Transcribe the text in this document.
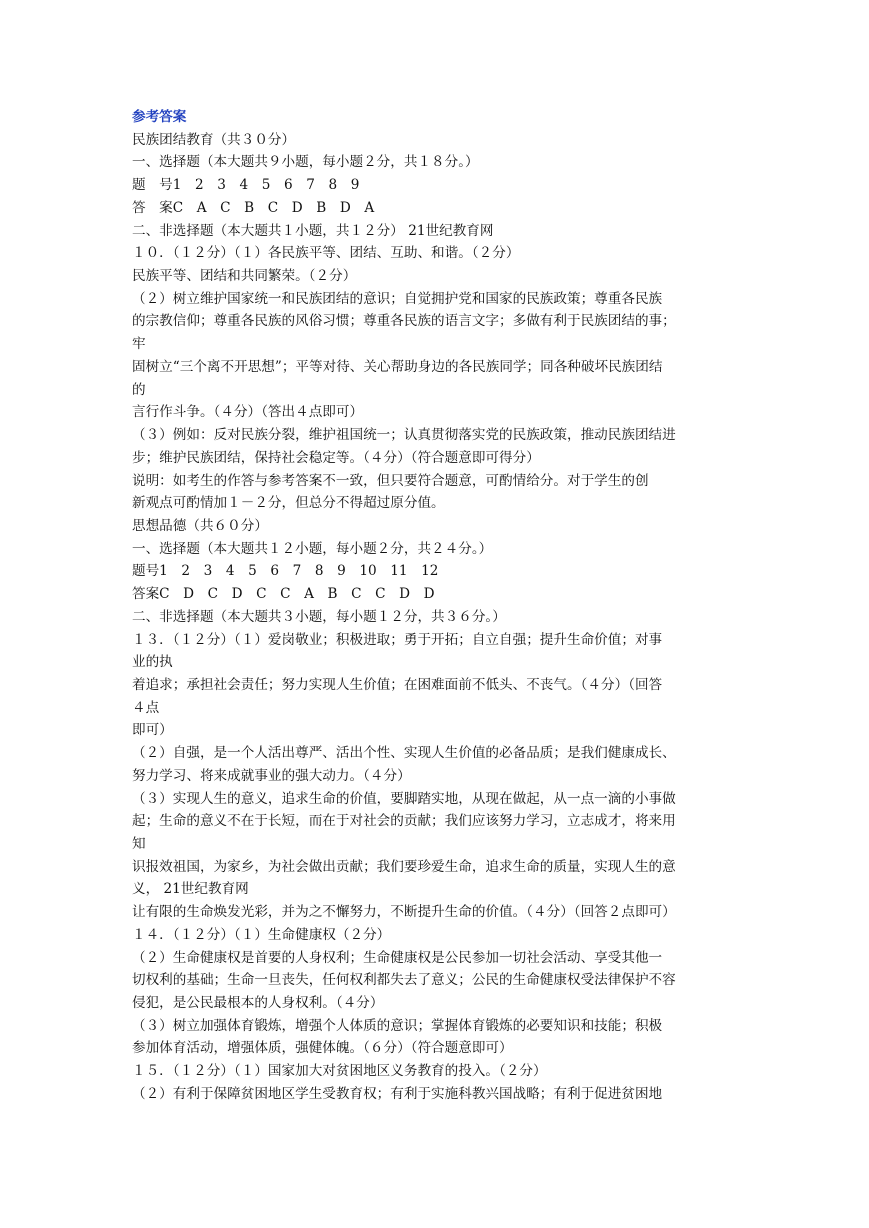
参考答案
民族团结教育（共３０分）
一、选择题（本大题共９小题，每小题２分，共１８分。）
题　号1　2　3　4　5　6　7　8　9
答　案C　A　C　B　C　D　B　D　A
二、非选择题（本大题共１小题，共１２分） 21世纪教育网
１０．（１２分）（１）各民族平等、团结、互助、和谐。（２分）
民族平等、团结和共同繁荣。（２分）
（２）树立维护国家统一和民族团结的意识；自觉拥护党和国家的民族政策；尊重各民族
的宗教信仰；尊重各民族的风俗习惯；尊重各民族的语言文字；多做有利于民族团结的事；
牢
固树立“三个离不开思想”；平等对待、关心帮助身边的各民族同学；同各种破坏民族团结
的
言行作斗争。（４分）（答出４点即可）
（３）例如：反对民族分裂，维护祖国统一；认真贯彻落实党的民族政策，推动民族团结进
步；维护民族团结，保持社会稳定等。（４分）（符合题意即可得分）
说明：如考生的作答与参考答案不一致，但只要符合题意，可酌情给分。对于学生的创
新观点可酌情加１－２分，但总分不得超过原分值。
思想品德（共６０分）
一、选择题（本大题共１２小题，每小题２分，共２４分。）
题号1　2　3　4　5　6　7　8　9　10　11　12
答案C　D　C　D　C　C　A　B　C　C　D　D
二、非选择题（本大题共３小题，每小题１２分，共３６分。）
１３．（１２分）（１）爱岗敬业；积极进取；勇于开拓；自立自强；提升生命价值；对事
业的执
着追求；承担社会责任；努力实现人生价值；在困难面前不低头、不丧气。（４分）（回答
４点
即可）
（２）自强，是一个人活出尊严、活出个性、实现人生价值的必备品质；是我们健康成长、
努力学习、将来成就事业的强大动力。（４分）
（３）实现人生的意义，追求生命的价值，要脚踏实地，从现在做起，从一点一滴的小事做
起；生命的意义不在于长短，而在于对社会的贡献；我们应该努力学习，立志成才，将来用
知
识报效祖国，为家乡，为社会做出贡献；我们要珍爱生命，追求生命的质量，实现人生的意
义， 21世纪教育网
让有限的生命焕发光彩，并为之不懈努力，不断提升生命的价值。（４分）（回答２点即可）
１４．（１２分）（１）生命健康权（２分）
（２）生命健康权是首要的人身权利；生命健康权是公民参加一切社会活动、享受其他一
切权利的基础；生命一旦丧失，任何权利都失去了意义；公民的生命健康权受法律保护不容
侵犯，是公民最根本的人身权利。（４分）
（３）树立加强体育锻炼，增强个人体质的意识；掌握体育锻炼的必要知识和技能；积极
参加体育活动，增强体质，强健体魄。（６分）（符合题意即可）
１５．（１２分）（１）国家加大对贫困地区义务教育的投入。（２分）
（２）有利于保障贫困地区学生受教育权；有利于实施科教兴国战略；有利于促进贫困地
